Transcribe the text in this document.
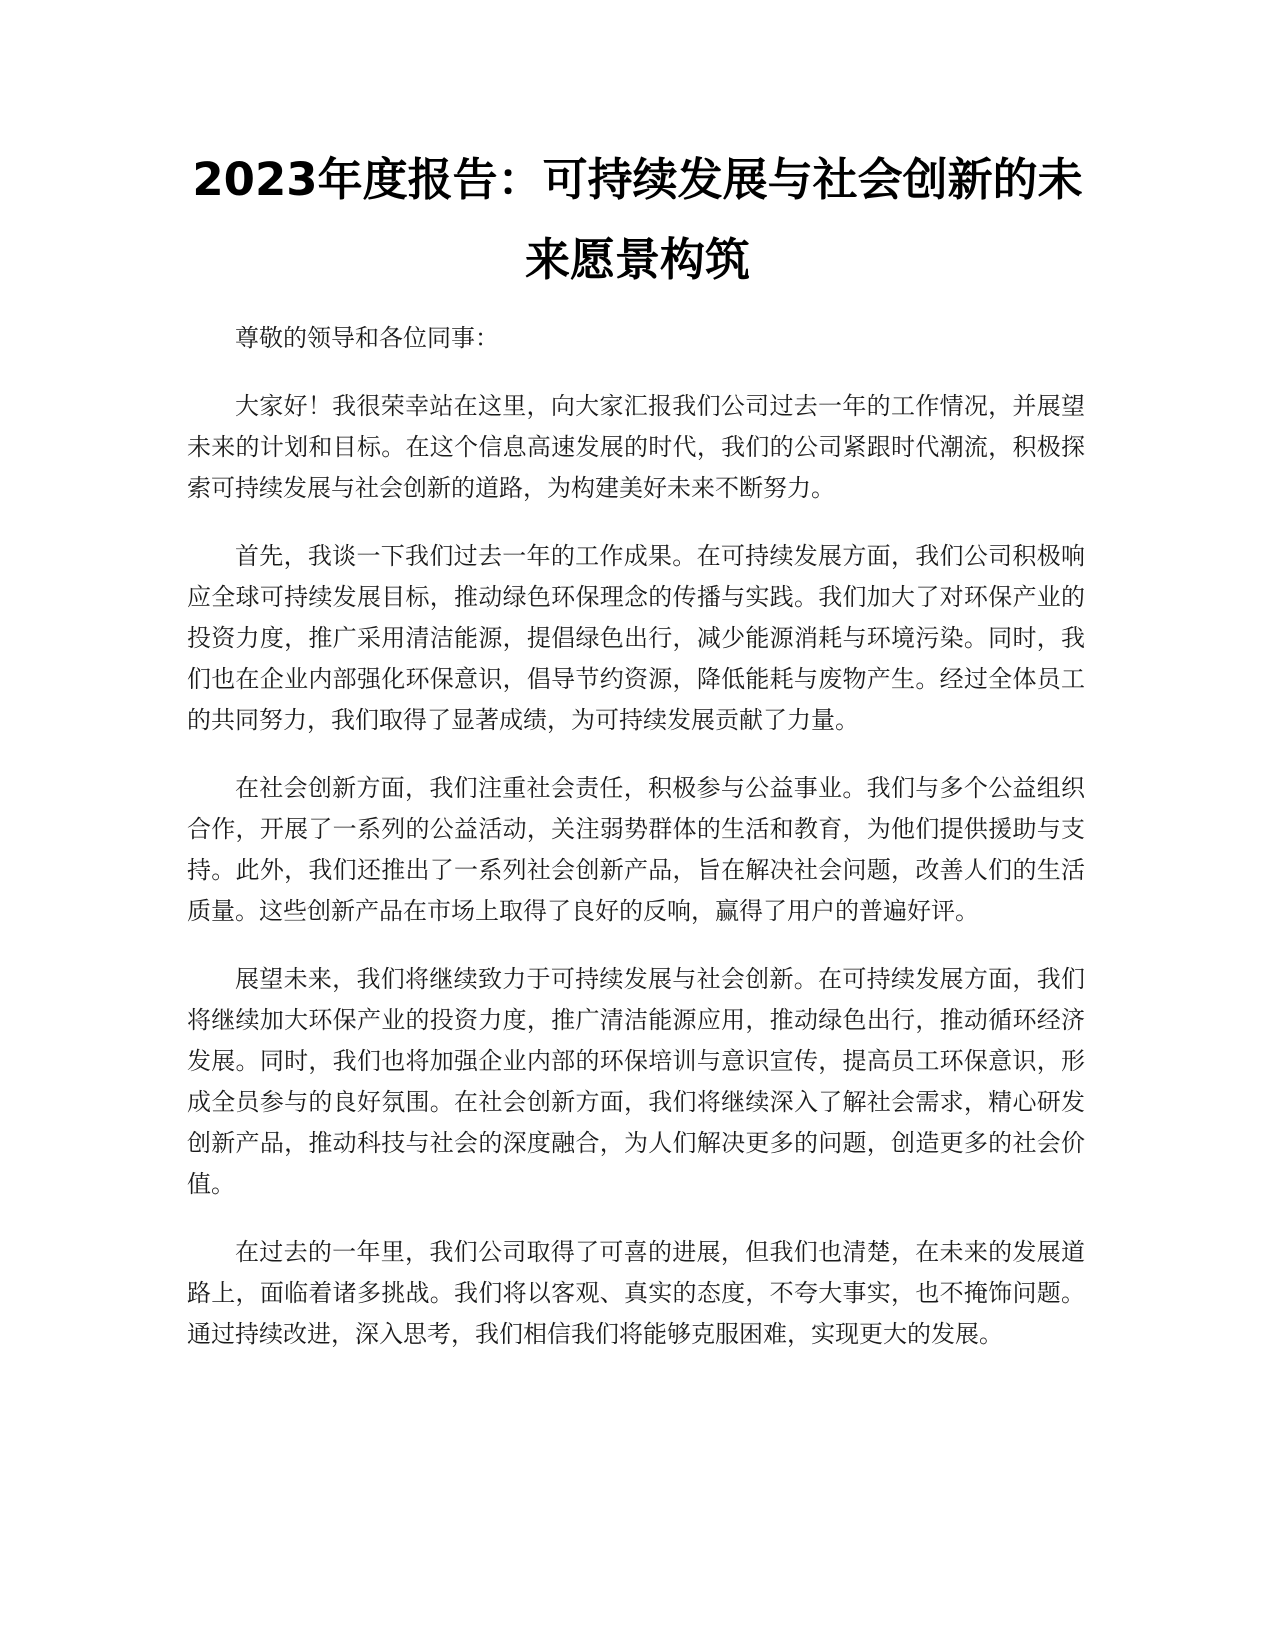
2023年度报告：可持续发展与社会创新的未来愿景构筑

尊敬的领导和各位同事：

大家好！我很荣幸站在这里，向大家汇报我们公司过去一年的工作情况，并展望未来的计划和目标。在这个信息高速发展的时代，我们的公司紧跟时代潮流，积极探索可持续发展与社会创新的道路，为构建美好未来不断努力。

首先，我谈一下我们过去一年的工作成果。在可持续发展方面，我们公司积极响应全球可持续发展目标，推动绿色环保理念的传播与实践。我们加大了对环保产业的投资力度，推广采用清洁能源，提倡绿色出行，减少能源消耗与环境污染。同时，我们也在企业内部强化环保意识，倡导节约资源，降低能耗与废物产生。经过全体员工的共同努力，我们取得了显著成绩，为可持续发展贡献了力量。

在社会创新方面，我们注重社会责任，积极参与公益事业。我们与多个公益组织合作，开展了一系列的公益活动，关注弱势群体的生活和教育，为他们提供援助与支持。此外，我们还推出了一系列社会创新产品，旨在解决社会问题，改善人们的生活质量。这些创新产品在市场上取得了良好的反响，赢得了用户的普遍好评。

展望未来，我们将继续致力于可持续发展与社会创新。在可持续发展方面，我们将继续加大环保产业的投资力度，推广清洁能源应用，推动绿色出行，推动循环经济发展。同时，我们也将加强企业内部的环保培训与意识宣传，提高员工环保意识，形成全员参与的良好氛围。在社会创新方面，我们将继续深入了解社会需求，精心研发创新产品，推动科技与社会的深度融合，为人们解决更多的问题，创造更多的社会价值。

在过去的一年里，我们公司取得了可喜的进展，但我们也清楚，在未来的发展道路上，面临着诸多挑战。我们将以客观、真实的态度，不夸大事实，也不掩饰问题。通过持续改进，深入思考，我们相信我们将能够克服困难，实现更大的发展。
